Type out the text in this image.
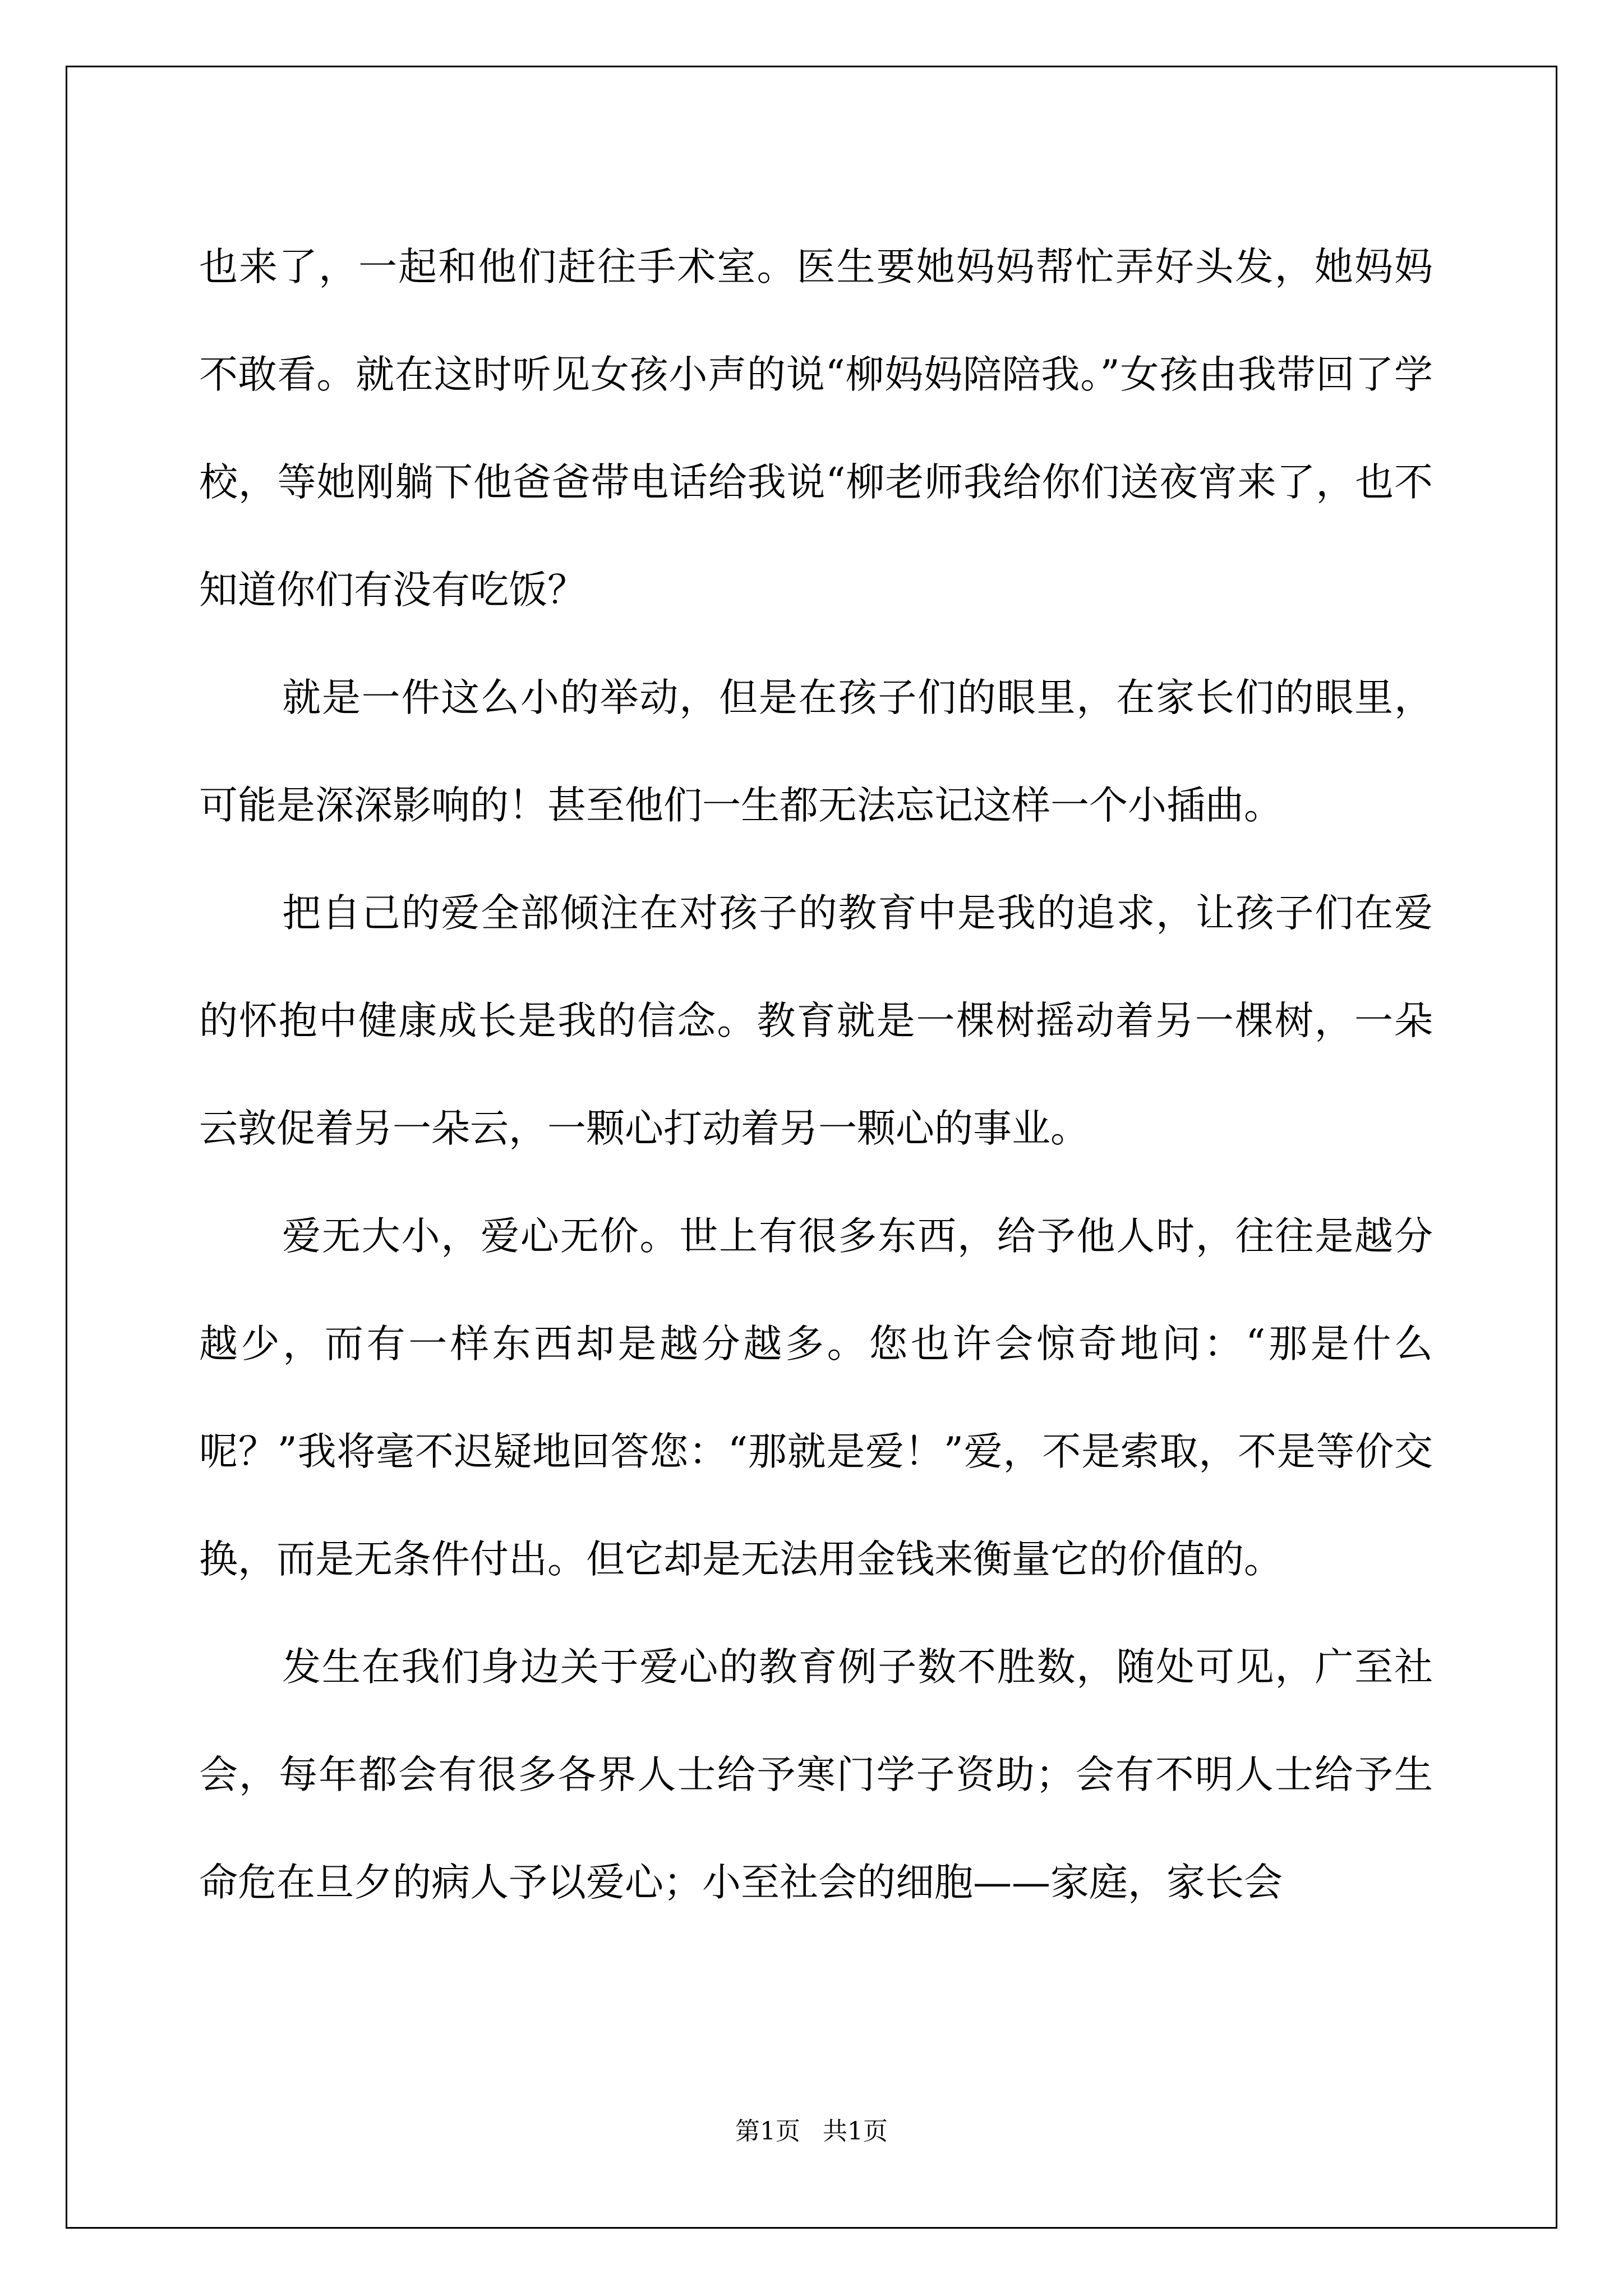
也来了，一起和他们赶往手术室。医生要她妈妈帮忙弄好头发，她妈妈不敢看。就在这时听见女孩小声的说“柳妈妈陪陪我。”女孩由我带回了学校，等她刚躺下他爸爸带电话给我说“柳老师我给你们送夜宵来了，也不知道你们有没有吃饭？

就是一件这么小的举动，但是在孩子们的眼里，在家长们的眼里，可能是深深影响的！甚至他们一生都无法忘记这样一个小插曲。

把自己的爱全部倾注在对孩子的教育中是我的追求，让孩子们在爱的怀抱中健康成长是我的信念。教育就是一棵树摇动着另一棵树，一朵云敦促着另一朵云，一颗心打动着另一颗心的事业。

爱无大小，爱心无价。世上有很多东西，给予他人时，往往是越分越少，而有一样东西却是越分越多。您也许会惊奇地问：“那是什么呢？”我将毫不迟疑地回答您：“那就是爱！”爱，不是索取，不是等价交换，而是无条件付出。但它却是无法用金钱来衡量它的价值的。

发生在我们身边关于爱心的教育例子数不胜数，随处可见，广至社会，每年都会有很多各界人士给予寒门学子资助；会有不明人士给予生命危在旦夕的病人予以爱心；小至社会的细胞——家庭，家长会

第1页 共1页
